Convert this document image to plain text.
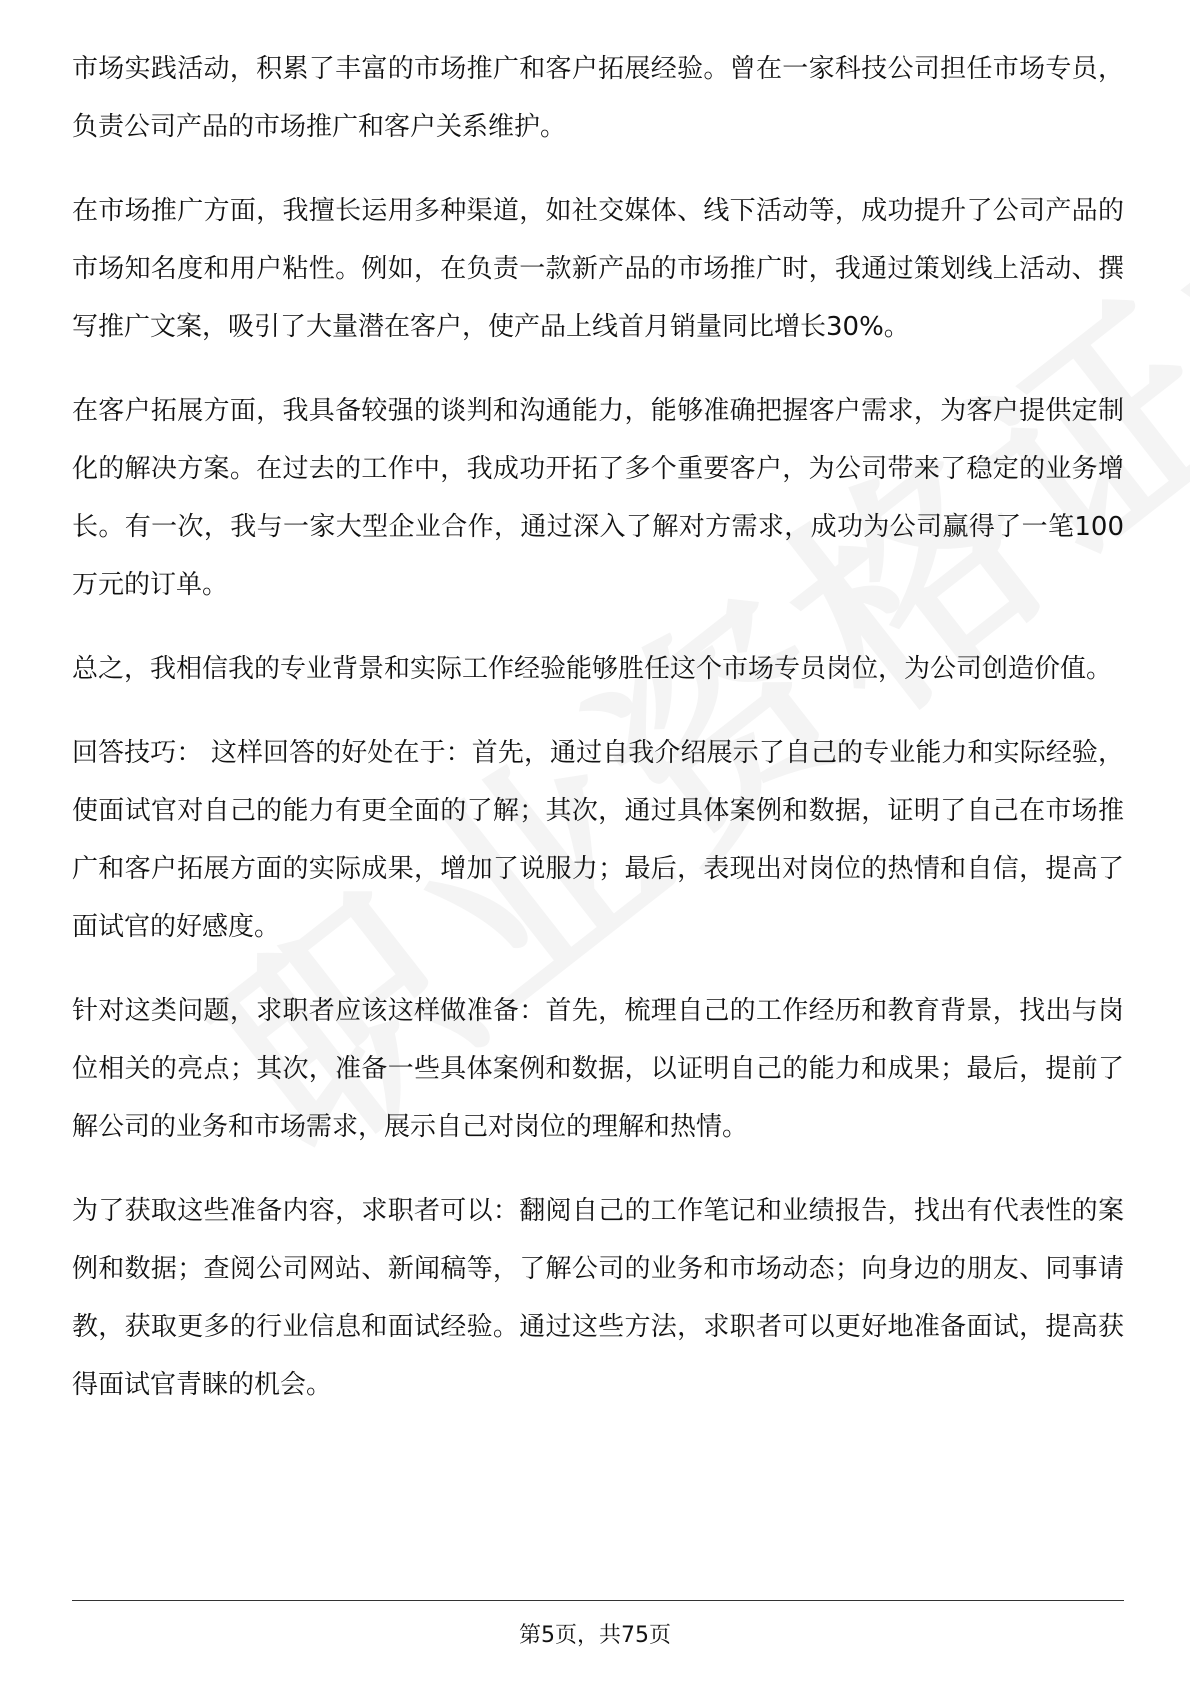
市场实践活动，积累了丰富的市场推广和客户拓展经验。曾在一家科技公司担任市场专员，负责公司产品的市场推广和客户关系维护。

在市场推广方面，我擅长运用多种渠道，如社交媒体、线下活动等，成功提升了公司产品的市场知名度和用户粘性。例如，在负责一款新产品的市场推广时，我通过策划线上活动、撰写推广文案，吸引了大量潜在客户，使产品上线首月销量同比增长30%。

在客户拓展方面，我具备较强的谈判和沟通能力，能够准确把握客户需求，为客户提供定制化的解决方案。在过去的工作中，我成功开拓了多个重要客户，为公司带来了稳定的业务增长。有一次，我与一家大型企业合作，通过深入了解对方需求，成功为公司赢得了一笔100万元的订单。

总之，我相信我的专业背景和实际工作经验能够胜任这个市场专员岗位，为公司创造价值。

回答技巧： 这样回答的好处在于：首先，通过自我介绍展示了自己的专业能力和实际经验，使面试官对自己的能力有更全面的了解；其次，通过具体案例和数据，证明了自己在市场推广和客户拓展方面的实际成果，增加了说服力；最后，表现出对岗位的热情和自信，提高了面试官的好感度。

针对这类问题，求职者应该这样做准备：首先，梳理自己的工作经历和教育背景，找出与岗位相关的亮点；其次，准备一些具体案例和数据，以证明自己的能力和成果；最后，提前了解公司的业务和市场需求，展示自己对岗位的理解和热情。

为了获取这些准备内容，求职者可以：翻阅自己的工作笔记和业绩报告，找出有代表性的案例和数据；查阅公司网站、新闻稿等，了解公司的业务和市场动态；向身边的朋友、同事请教，获取更多的行业信息和面试经验。通过这些方法，求职者可以更好地准备面试，提高获得面试官青睐的机会。

第5页，共75页
